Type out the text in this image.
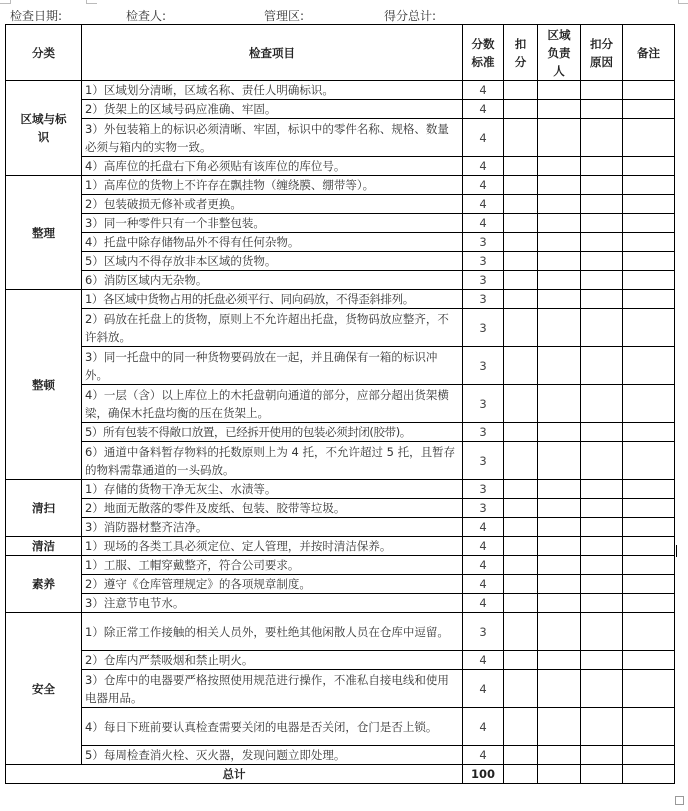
检查日期:	检查人:	管理区:	得分总计:
分类	检查项目	分数标准	扣分	区域负责人	扣分原因	备注
区域与标识	1）区域划分清晰，区域名称、责任人明确标识。	4				
	2）货架上的区域号码应准确、牢固。	4				
	3）外包装箱上的标识必须清晰、牢固，标识中的零件名称、规格、数量必须与箱内的实物一致。	4				
	4）高库位的托盘右下角必须贴有该库位的库位号。	4				
整理	1）高库位的货物上不许存在飘挂物（缠绕膜、绷带等）。	4				
	2）包装破损无修补或者更换。	4				
	3）同一种零件只有一个非整包装。	4				
	4）托盘中除存储物品外不得有任何杂物。	3				
	5）区域内不得存放非本区域的货物。	3				
	6）消防区域内无杂物。	3				
整顿	1）各区域中货物占用的托盘必须平行、同向码放，不得歪斜排列。	3				
	2）码放在托盘上的货物，原则上不允许超出托盘，货物码放应整齐，不许斜放。	3				
	3）同一托盘中的同一种货物要码放在一起，并且确保有一箱的标识冲外。	3				
	4）一层（含）以上库位上的木托盘朝向通道的部分，应部分超出货架横梁，确保木托盘均衡的压在货架上。	3				
	5）所有包装不得敞口放置，已经拆开使用的包装必须封闭(胶带)。	3				
	6）通道中备料暂存物料的托数原则上为 4 托，不允许超过 5 托，且暂存的物料需靠通道的一头码放。	3				
清扫	1）存储的货物干净无灰尘、水渍等。	3				
	2）地面无散落的零件及废纸、包装、胶带等垃圾。	3				
	3）消防器材整齐洁净。	4				
清洁	1）现场的各类工具必须定位、定人管理，并按时清洁保养。	4				
素养	1）工服、工帽穿戴整齐，符合公司要求。	4				
	2）遵守《仓库管理规定》的各项规章制度。	4				
	3）注意节电节水。	4				
安全	1）除正常工作接触的相关人员外，要杜绝其他闲散人员在仓库中逗留。	3				
	2）仓库内严禁吸烟和禁止明火。	4				
	3）仓库中的电器要严格按照使用规范进行操作，不准私自接电线和使用电器用品。	4				
	4）每日下班前要认真检查需要关闭的电器是否关闭，仓门是否上锁。	4				
	5）每周检查消火栓、灭火器，发现问题立即处理。	4				
总计		100				
